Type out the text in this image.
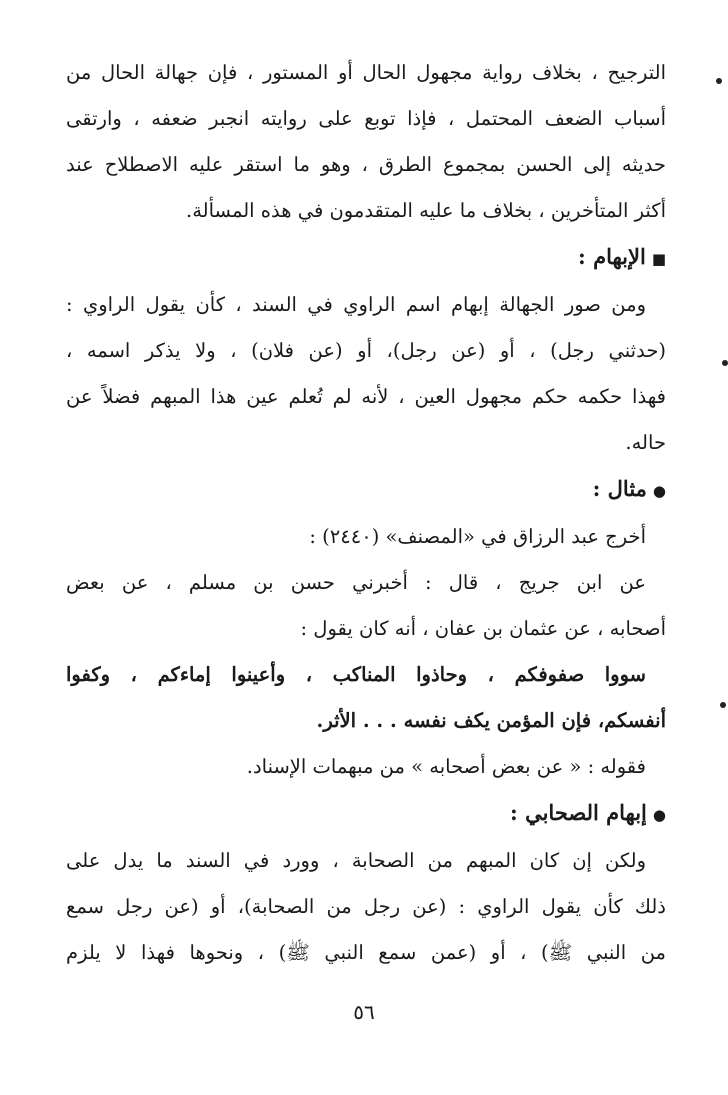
الترجيح ، بخلاف رواية مجهول الحال أو المستور ، فإن جهالة الحال من
أسباب الضعف المحتمل ، فإذا توبع على روايته انجبر ضعفه ، وارتقى
حديثه إلى الحسن بمجموع الطرق ، وهو ما استقر عليه الاصطلاح عند
أكثر المتأخرين ، بخلاف ما عليه المتقدمون في هذه المسألة.
■الإبهام :
ومن صور الجهالة إبهام اسم الراوي في السند ، كأن يقول الراوي :
(حدثني رجل) ، أو (عن رجل)، أو (عن فلان) ، ولا يذكر اسمه ،
فهذا حكمه حكم مجهول العين ، لأنه لم تُعلم عين هذا المبهم فضلاً عن
حاله.
●مثال :
أخرج عبد الرزاق في «المصنف» (٢٤٤٠) :
عن ابن جريج ، قال : أخبرني حسن بن مسلم ، عن بعض
أصحابه ، عن عثمان بن عفان ، أنه كان يقول :
سووا صفوفكم ، وحاذوا المناكب ، وأعينوا إماءكم ، وكفوا
أنفسكم، فإن المؤمن يكف نفسه . . . الأثر.
فقوله : « عن بعض أصحابه » من مبهمات الإسناد.
●إبهام الصحابي :
ولكن إن كان المبهم من الصحابة ، وورد في السند ما يدل على
ذلك كأن يقول الراوي : (عن رجل من الصحابة)، أو (عن رجل سمع
من النبي ﷺ) ، أو (عمن سمع النبي ﷺ) ، ونحوها فهذا لا يلزم
٥٦
